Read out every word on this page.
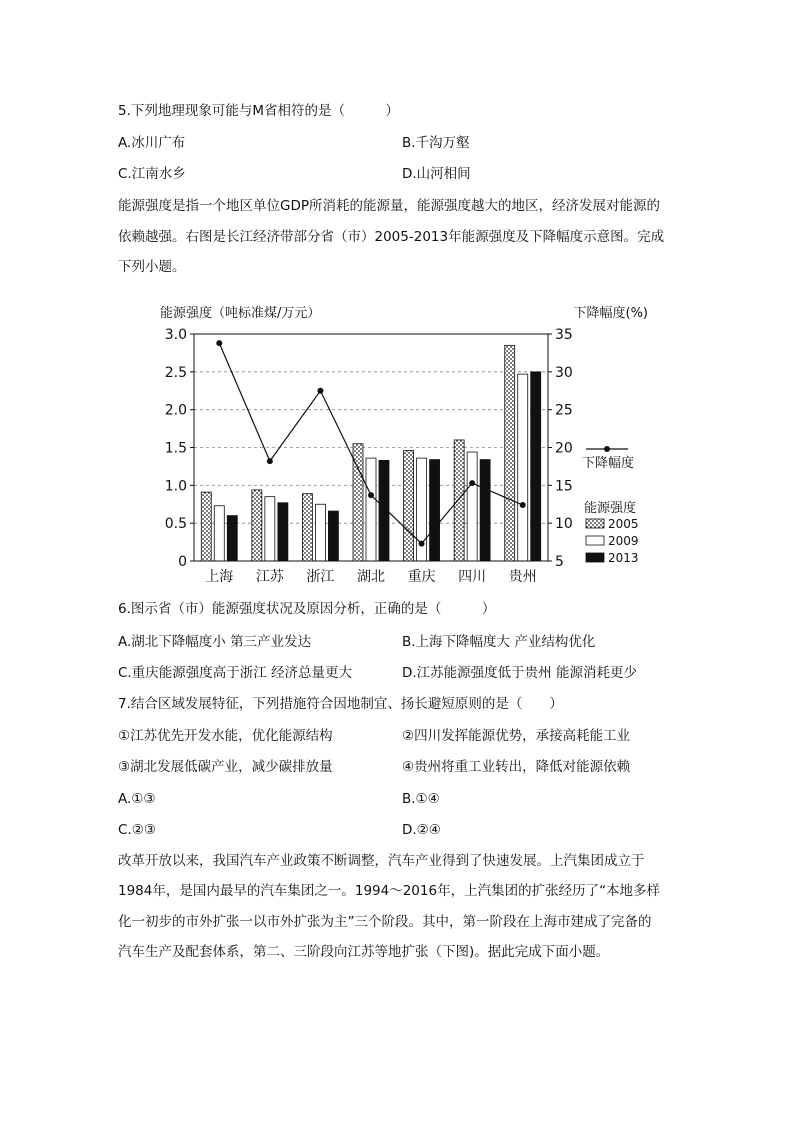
5.下列地理现象可能与M省相符的是（　　　）
A.冰川广布	B.千沟万壑
C.江南水乡	D.山河相间
能源强度是指一个地区单位GDP所消耗的能源量，能源强度越大的地区，经济发展对能源的
依赖越强。右图是长江经济带部分省（市）2005-2013年能源强度及下降幅度示意图。完成
下列小题。
能源强度（吨标准煤/万元）	下降幅度(%)
0
0.5
1.0
1.5
2.0
2.5
3.0
5
10
15
20
25
30
35
上海 江苏 浙江 湖北 重庆 四川 贵州
下降幅度
能源强度
2005
2009
2013
6.图示省（市）能源强度状况及原因分析，正确的是（　　　）
A.湖北下降幅度小 第三产业发达	B.上海下降幅度大 产业结构优化
C.重庆能源强度高于浙江 经济总量更大	D.江苏能源强度低于贵州 能源消耗更少
7.结合区域发展特征，下列措施符合因地制宜、扬长避短原则的是（　　）
①江苏优先开发水能，优化能源结构	②四川发挥能源优势，承接高耗能工业
③湖北发展低碳产业，减少碳排放量	④贵州将重工业转出，降低对能源依赖
A.①③	B.①④
C.②③	D.②④
改革开放以来，我国汽车产业政策不断调整，汽车产业得到了快速发展。上汽集团成立于
1984年，是国内最早的汽车集团之一。1994～2016年，上汽集团的扩张经历了“本地多样
化一初步的市外扩张一以市外扩张为主”三个阶段。其中，第一阶段在上海市建成了完备的
汽车生产及配套体系，第二、三阶段向江苏等地扩张（下图)。据此完成下面小题。
